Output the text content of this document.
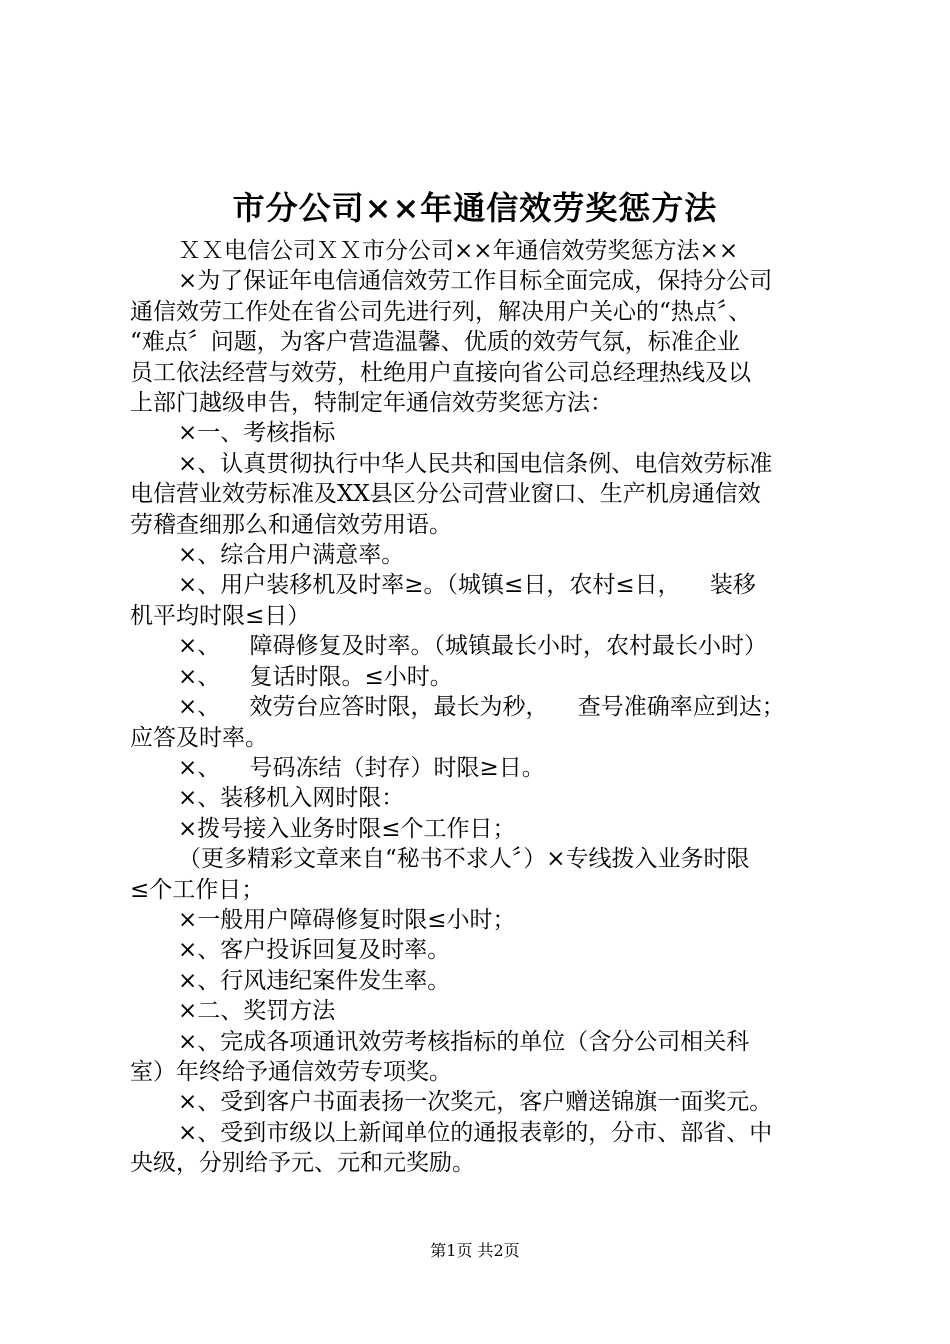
市分公司××年通信效劳奖惩方法

ＸＸ电信公司ＸＸ市分公司××年通信效劳奖惩方法××

×为了保证年电信通信效劳工作目标全面完成，保持分公司

通信效劳工作处在省公司先进行列，解决用户关心的“热点〞、

“难点〞问题，为客户营造温馨、优质的效劳气氛，标准企业

员工依法经营与效劳，杜绝用户直接向省公司总经理热线及以

上部门越级申告，特制定年通信效劳奖惩方法：

×一、考核指标

×、认真贯彻执行中华人民共和国电信条例、电信效劳标准

电信营业效劳标准及XX县区分公司营业窗口、生产机房通信效

劳稽查细那么和通信效劳用语。

×、综合用户满意率。

×、用户装移机及时率≥。（城镇≤日，农村≤日，    装移

机平均时限≤日）

×、    障碍修复及时率。（城镇最长小时，农村最长小时）

×、    复话时限。≤小时。

×、    效劳台应答时限，最长为秒，    查号准确率应到达；

应答及时率。

×、    号码冻结（封存）时限≥日。

×、装移机入网时限：

×拨号接入业务时限≤个工作日；

（更多精彩文章来自“秘书不求人〞）×专线拨入业务时限

≤个工作日；

×一般用户障碍修复时限≤小时；

×、客户投诉回复及时率。

×、行风违纪案件发生率。

×二、奖罚方法

×、完成各项通讯效劳考核指标的单位（含分公司相关科

室）年终给予通信效劳专项奖。

×、受到客户书面表扬一次奖元，客户赠送锦旗一面奖元。

×、受到市级以上新闻单位的通报表彰的，分市、部省、中

央级，分别给予元、元和元奖励。

第1页 共2页
